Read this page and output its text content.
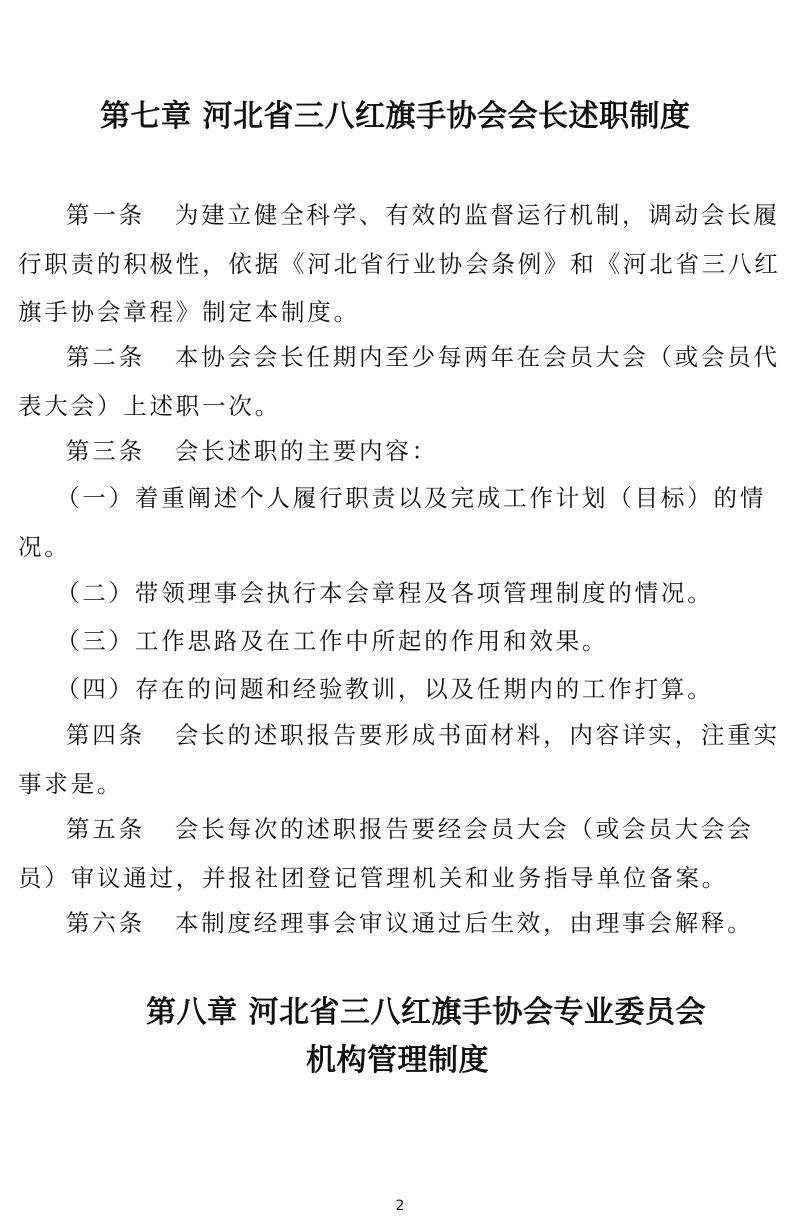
第七章 河北省三八红旗手协会会长述职制度

第一条 为建立健全科学、有效的监督运行机制，调动会长履行职责的积极性，依据《河北省行业协会条例》和《河北省三八红旗手协会章程》制定本制度。

第二条 本协会会长任期内至少每两年在会员大会（或会员代表大会）上述职一次。

第三条 会长述职的主要内容：

（一）着重阐述个人履行职责以及完成工作计划（目标）的情况。

（二）带领理事会执行本会章程及各项管理制度的情况。

（三）工作思路及在工作中所起的作用和效果。

（四）存在的问题和经验教训，以及任期内的工作打算。

第四条 会长的述职报告要形成书面材料，内容详实，注重实事求是。

第五条 会长每次的述职报告要经会员大会（或会员大会会员）审议通过，并报社团登记管理机关和业务指导单位备案。

第六条 本制度经理事会审议通过后生效，由理事会解释。

第八章 河北省三八红旗手协会专业委员会
机构管理制度
2
